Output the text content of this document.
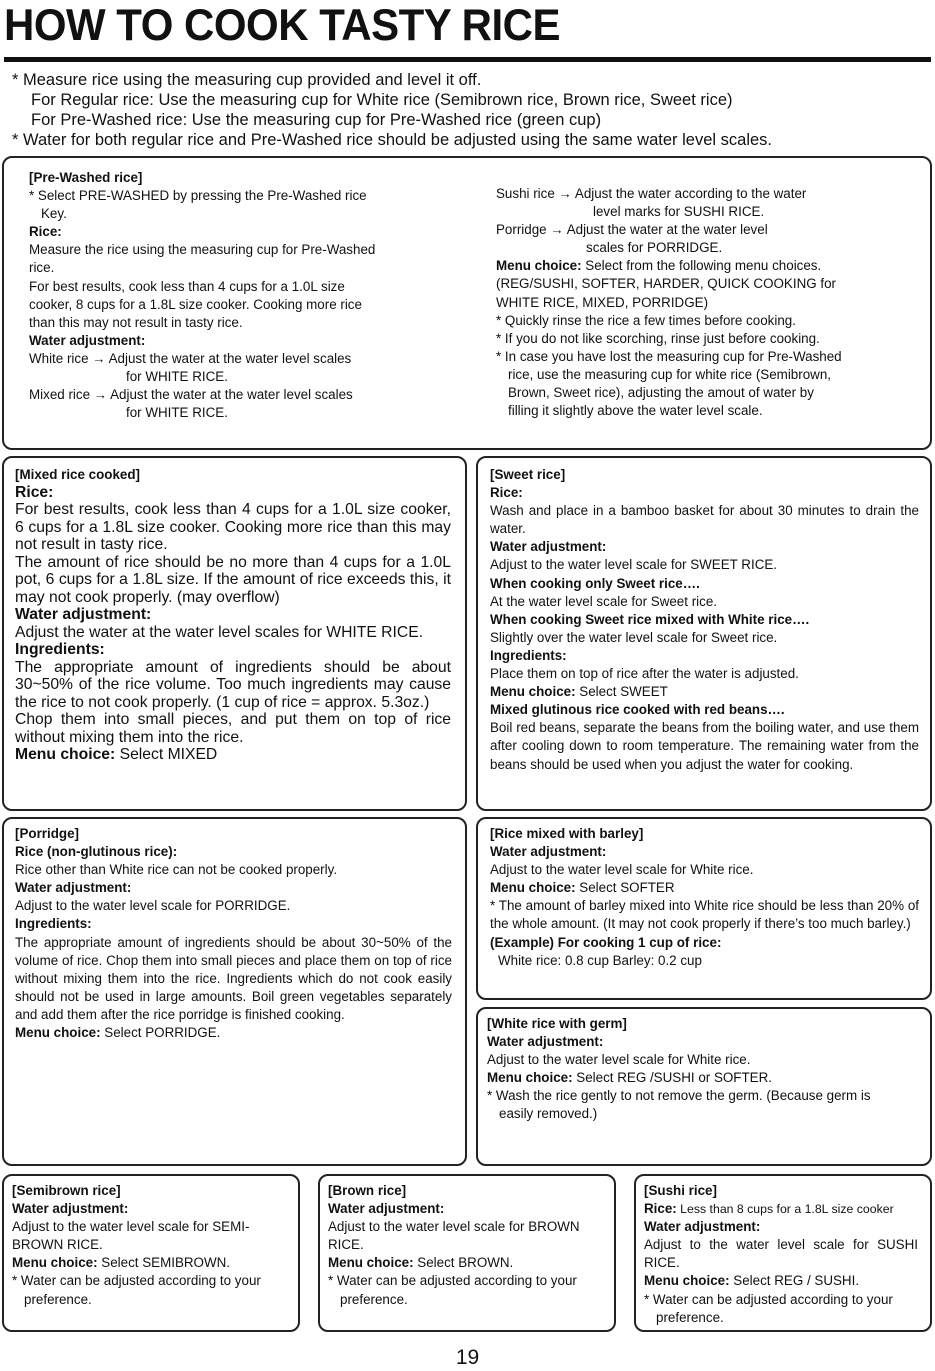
HOW TO COOK TASTY RICE
* Measure rice using the measuring cup provided and level it off.
For Regular rice: Use the measuring cup for White rice (Semibrown rice, Brown rice, Sweet rice)
For Pre-Washed rice: Use the measuring cup for Pre-Washed rice (green cup)
* Water for both regular rice and Pre-Washed rice should be adjusted using the same water level scales.
[Pre-Washed rice]
* Select PRE-WASHED by pressing the Pre-Washed rice
Key.
Rice:
Measure the rice using the measuring cup for Pre-Washed
rice.
For best results, cook less than 4 cups for a 1.0L size
cooker, 8 cups for a 1.8L size cooker. Cooking more rice
than this may not result in tasty rice.
Water adjustment:
White rice → Adjust the water at the water level scales
for WHITE RICE.
Mixed rice → Adjust the water at the water level scales
for WHITE RICE.
Sushi rice → Adjust the water according to the water
level marks for SUSHI RICE.
Porridge → Adjust the water at the water level
scales for PORRIDGE.
Menu choice: Select from the following menu choices.
(REG/SUSHI, SOFTER, HARDER, QUICK COOKING for
WHITE RICE, MIXED, PORRIDGE)
* Quickly rinse the rice a few times before cooking.
* If you do not like scorching, rinse just before cooking.
* In case you have lost the measuring cup for Pre-Washed
rice, use the measuring cup for white rice (Semibrown,
Brown, Sweet rice), adjusting the amout of water by
filling it slightly above the water level scale.
[Mixed rice cooked]
Rice:
For best results, cook less than 4 cups for a 1.0L size cooker, 6 cups for a 1.8L size cooker. Cooking more rice than this may not result in tasty rice.
The amount of rice should be no more than 4 cups for a 1.0L pot, 6 cups for a 1.8L size. If the amount of rice exceeds this, it may not cook properly. (may overflow)
Water adjustment:
Adjust the water at the water level scales for WHITE RICE.
Ingredients:
The appropriate amount of ingredients should be about 30~50% of the rice volume. Too much ingredients may cause the rice to not cook properly. (1 cup of rice = approx. 5.3oz.)
Chop them into small pieces, and put them on top of rice without mixing them into the rice.
Menu choice: Select MIXED
[Sweet rice]
Rice:
Wash and place in a bamboo basket for about 30 minutes to drain the water.
Water adjustment:
Adjust to the water level scale for SWEET RICE.
When cooking only Sweet rice….
At the water level scale for Sweet rice.
When cooking Sweet rice mixed with White rice….
Slightly over the water level scale for Sweet rice.
Ingredients:
Place them on top of rice after the water is adjusted.
Menu choice: Select SWEET
Mixed glutinous rice cooked with red beans….
Boil red beans, separate the beans from the boiling water, and use them after cooling down to room temperature. The remaining water from the beans should be used when you adjust the water for cooking.
[Porridge]
Rice (non-glutinous rice):
Rice other than White rice can not be cooked properly.
Water adjustment:
Adjust to the water level scale for PORRIDGE.
Ingredients:
The appropriate amount of ingredients should be about 30~50% of the volume of rice. Chop them into small pieces and place them on top of rice without mixing them into the rice. Ingredients which do not cook easily should not be used in large amounts. Boil green vegetables separately and add them after the rice porridge is finished cooking.
Menu choice: Select PORRIDGE.
[Rice mixed with barley]
Water adjustment:
Adjust to the water level scale for White rice.
Menu choice: Select SOFTER
* The amount of barley mixed into White rice should be less than 20% of the whole amount. (It may not cook properly if there’s too much barley.)
(Example) For cooking 1 cup of rice:
White rice: 0.8 cup Barley: 0.2 cup
[White rice with germ]
Water adjustment:
Adjust to the water level scale for White rice.
Menu choice: Select REG /SUSHI or SOFTER.
* Wash the rice gently to not remove the germ. (Because germ is
easily removed.)
[Semibrown rice]
Water adjustment:
Adjust to the water level scale for SEMI-BROWN RICE.
Menu choice: Select SEMIBROWN.
* Water can be adjusted according to your
preference.
[Brown rice]
Water adjustment:
Adjust to the water level scale for BROWN RICE.
Menu choice: Select BROWN.
* Water can be adjusted according to your
preference.
[Sushi rice]
Rice: Less than 8 cups for a 1.8L size cooker
Water adjustment:
Adjust to the water level scale for SUSHI RICE.
Menu choice: Select REG / SUSHI.
* Water can be adjusted according to your
preference.
19
